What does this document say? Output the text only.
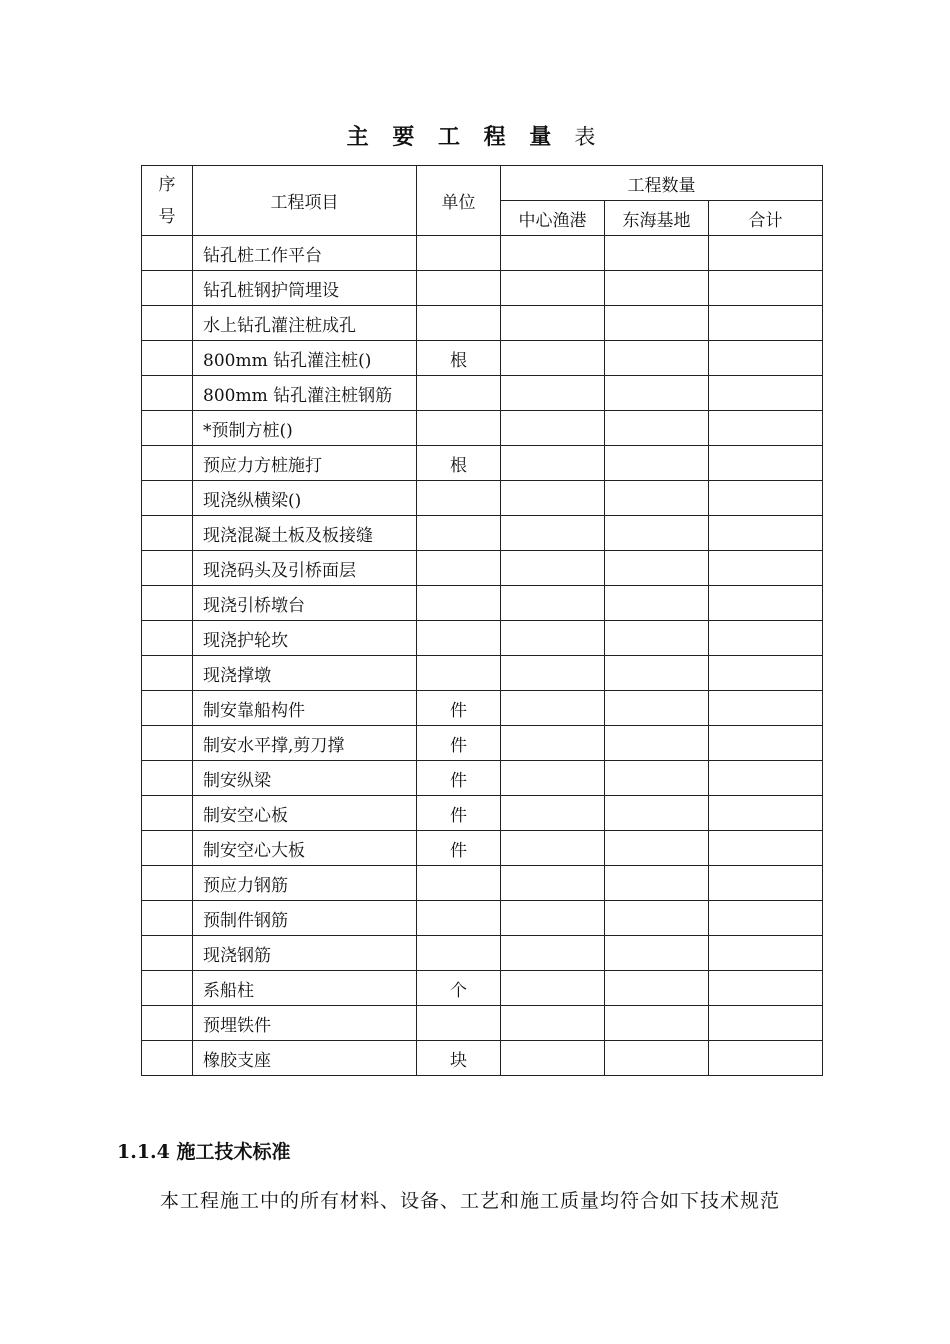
主 要 工 程 量 表
序
号	工程项目	单位	工程数量		
			中心渔港	东海基地	合计
	钻孔桩工作平台				
	钻孔桩钢护筒埋设				
	水上钻孔灌注桩成孔				
	800mm 钻孔灌注桩()	根			
	800mm 钻孔灌注桩钢筋				
	*预制方桩()				
	预应力方桩施打	根			
	现浇纵横梁()				
	现浇混凝土板及板接缝				
	现浇码头及引桥面层				
	现浇引桥墩台				
	现浇护轮坎				
	现浇撑墩				
	制安靠船构件	件			
	制安水平撑,剪刀撑	件			
	制安纵梁	件			
	制安空心板	件			
	制安空心大板	件			
	预应力钢筋				
	预制件钢筋				
	现浇钢筋				
	系船柱	个			
	预埋铁件				
	橡胶支座	块			
1.1.4 施工技术标准
本工程施工中的所有材料、设备、工艺和施工质量均符合如下技术规范
